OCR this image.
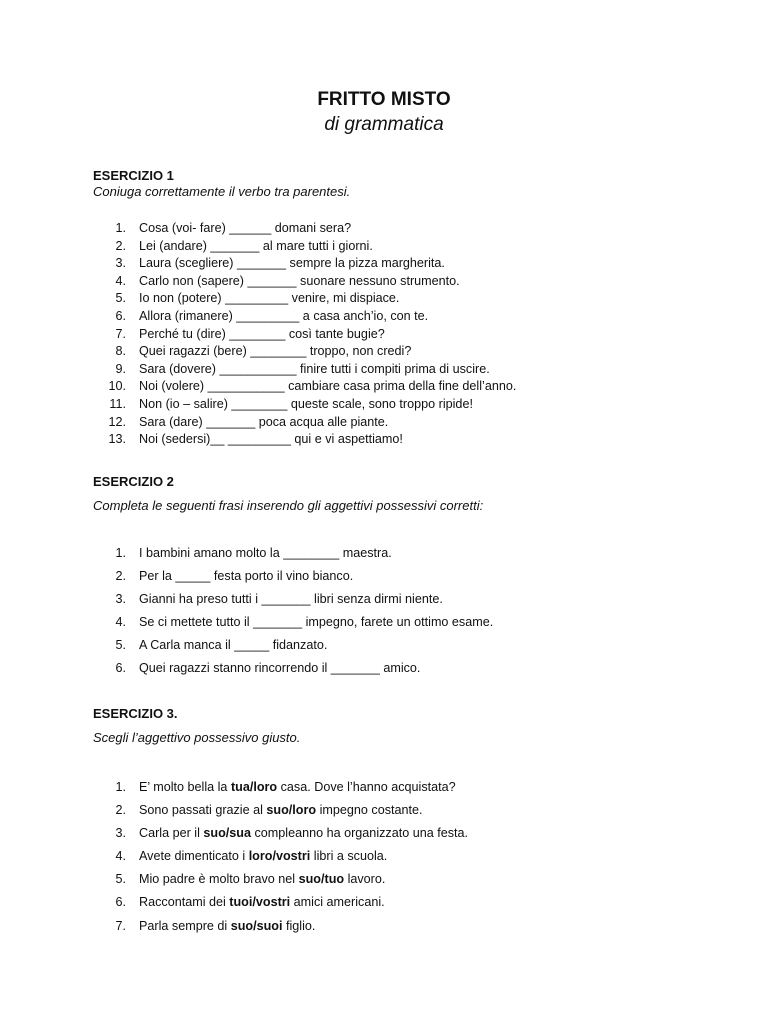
FRITTO MISTO
di grammatica
ESERCIZIO 1
Coniuga correttamente il verbo tra parentesi.
1. Cosa (voi- fare) ______ domani sera?
2. Lei (andare) _______ al mare tutti i giorni.
3. Laura (scegliere) _______ sempre la pizza margherita.
4. Carlo non (sapere) _______ suonare nessuno strumento.
5. Io non (potere) _________ venire, mi dispiace.
6. Allora (rimanere) _________ a casa anch’io, con te.
7. Perché tu (dire) ________ così tante bugie?
8. Quei ragazzi (bere) ________ troppo, non credi?
9. Sara (dovere) ___________ finire tutti i compiti prima di uscire.
10. Noi (volere) ___________ cambiare casa prima della fine dell’anno.
11. Non (io – salire) ________ queste scale, sono troppo ripide!
12. Sara (dare) _______ poca acqua alle piante.
13. Noi (sedersi)__ _________ qui e vi aspettiamo!
ESERCIZIO 2
Completa le seguenti frasi inserendo gli aggettivi possessivi corretti:
1. I bambini amano molto la ________ maestra.
2. Per la _____ festa porto il vino bianco.
3. Gianni ha preso tutti i _______ libri senza dirmi niente.
4. Se ci mettete tutto il _______ impegno, farete un ottimo esame.
5. A Carla manca il _____ fidanzato.
6. Quei ragazzi stanno rincorrendo il _______ amico.
ESERCIZIO 3.
Scegli l’aggettivo possessivo giusto.
1. E’ molto bella la tua/loro casa. Dove l’hanno acquistata?
2. Sono passati grazie al suo/loro impegno costante.
3. Carla per il suo/sua compleanno ha organizzato una festa.
4. Avete dimenticato i loro/vostri libri a scuola.
5. Mio padre è molto bravo nel suo/tuo lavoro.
6. Raccontami dei tuoi/vostri amici americani.
7. Parla sempre di suo/suoi figlio.
